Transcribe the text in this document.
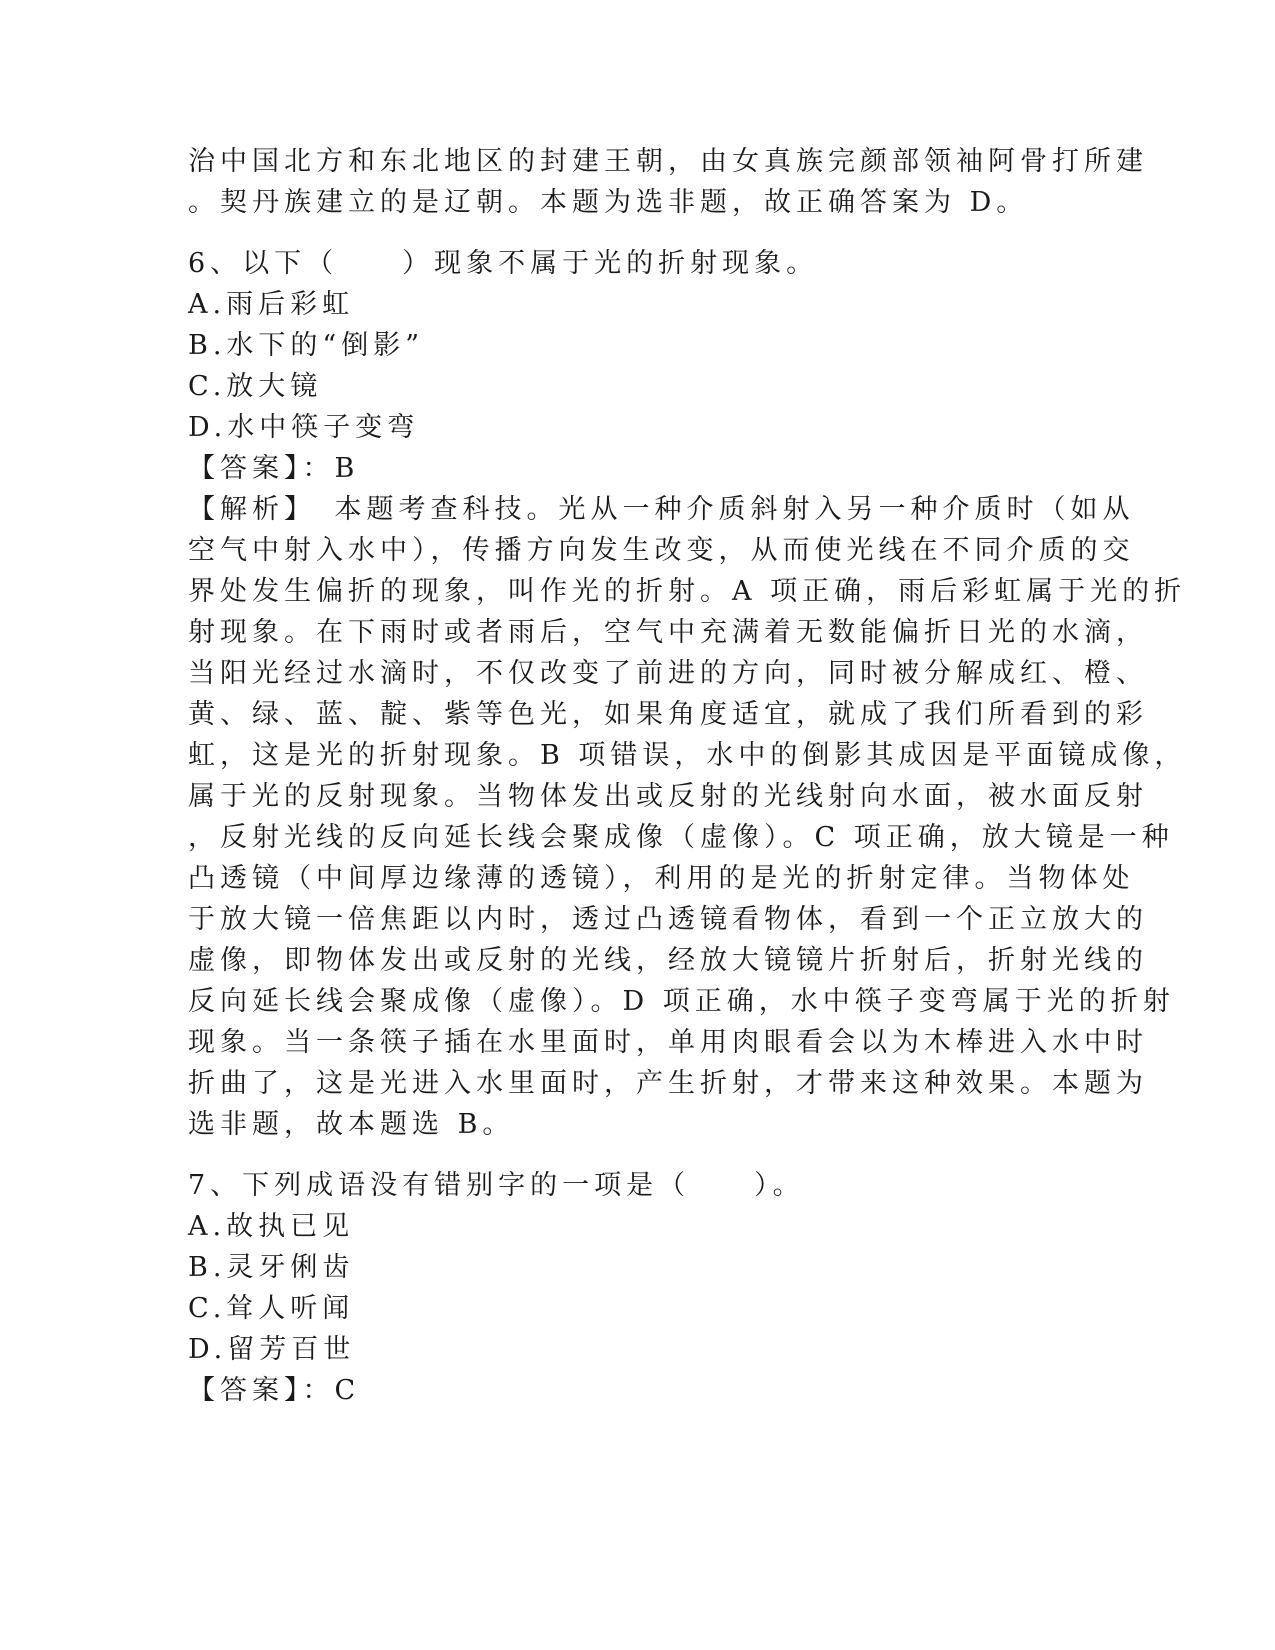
治中国北方和东北地区的封建王朝，由女真族完颜部领袖阿骨打所建
。契丹族建立的是辽朝。本题为选非题，故正确答案为 D。
6、以下（　　）现象不属于光的折射现象。
A.雨后彩虹
B.水下的“倒影”
C.放大镜
D.水中筷子变弯
【答案】：B
【解析】　本题考查科技。光从一种介质斜射入另一种介质时（如从
空气中射入水中），传播方向发生改变，从而使光线在不同介质的交
界处发生偏折的现象，叫作光的折射。A 项正确，雨后彩虹属于光的折
射现象。在下雨时或者雨后，空气中充满着无数能偏折日光的水滴，
当阳光经过水滴时，不仅改变了前进的方向，同时被分解成红、橙、
黄、绿、蓝、靛、紫等色光，如果角度适宜，就成了我们所看到的彩
虹，这是光的折射现象。B 项错误，水中的倒影其成因是平面镜成像，
属于光的反射现象。当物体发出或反射的光线射向水面，被水面反射
，反射光线的反向延长线会聚成像（虚像）。C 项正确，放大镜是一种
凸透镜（中间厚边缘薄的透镜），利用的是光的折射定律。当物体处
于放大镜一倍焦距以内时，透过凸透镜看物体，看到一个正立放大的
虚像，即物体发出或反射的光线，经放大镜镜片折射后，折射光线的
反向延长线会聚成像（虚像）。D 项正确，水中筷子变弯属于光的折射
现象。当一条筷子插在水里面时，单用肉眼看会以为木棒进入水中时
折曲了，这是光进入水里面时，产生折射，才带来这种效果。本题为
选非题，故本题选 B。
7、下列成语没有错别字的一项是（　　）。
A.故执已见
B.灵牙俐齿
C.耸人听闻
D.留芳百世
【答案】：C
